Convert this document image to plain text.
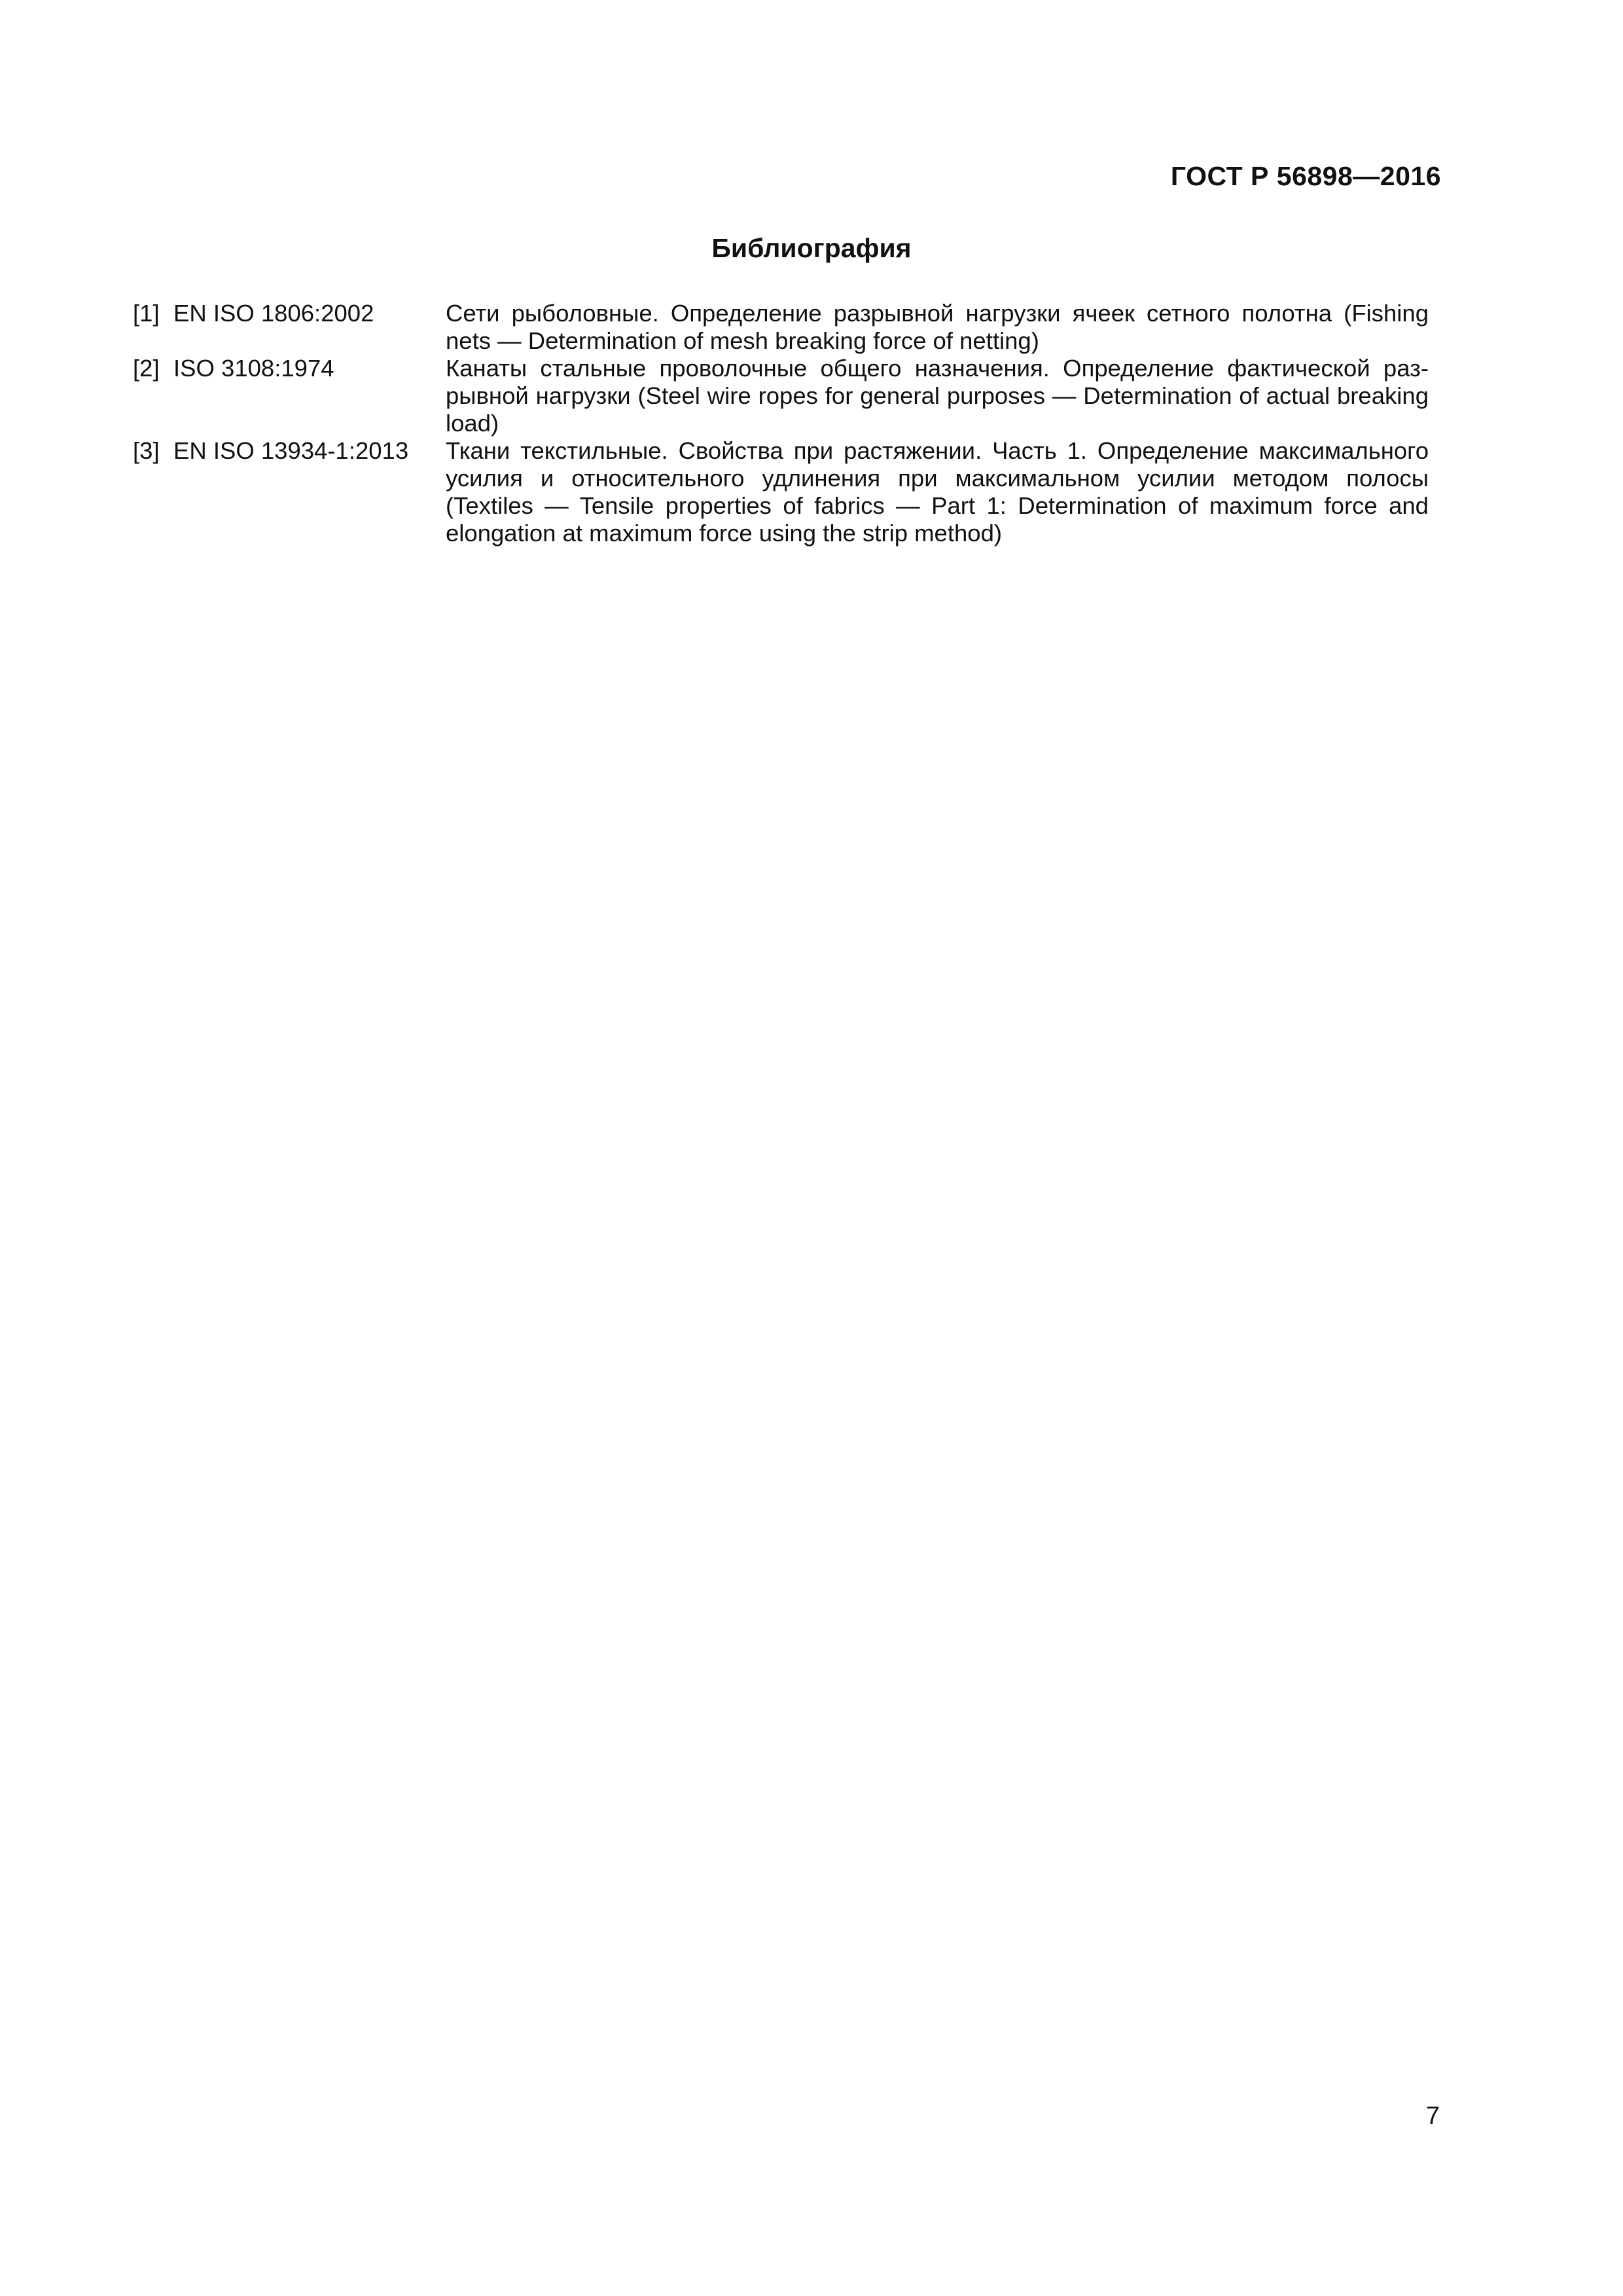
ГОСТ Р 56898—2016
Библиография
[1] EN ISO 1806:2002	Сети рыболовные. Определение разрывной нагрузки ячеек сетного полотна (Fishing nets — Determination of mesh breaking force of netting)
[2] ISO 3108:1974	Канаты стальные проволочные общего назначения. Определение фактической разрывной нагрузки (Steel wire ropes for general purposes — Determination of actual breaking load)
[3] EN ISO 13934-1:2013	Ткани текстильные. Свойства при растяжении. Часть 1. Определение максимального усилия и относительного удлинения при максимальном усилии методом полосы (Textiles — Tensile properties of fabrics — Part 1: Determination of maximum force and elongation at maximum force using the strip method)
7
